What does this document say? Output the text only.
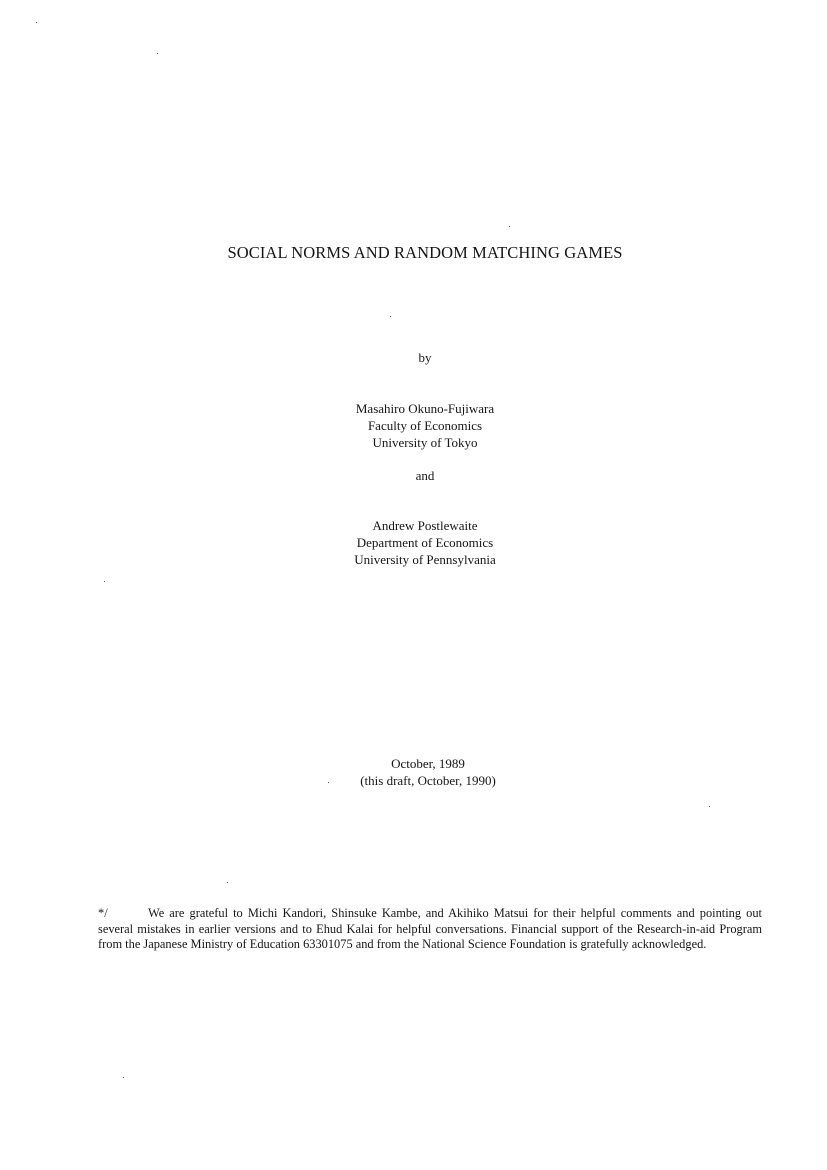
SOCIAL NORMS AND RANDOM MATCHING GAMES
by
Masahiro Okuno-Fujiwara
Faculty of Economics
University of Tokyo
and
Andrew Postlewaite
Department of Economics
University of Pennsylvania
October, 1989
(this draft, October, 1990)
*/	We are grateful to Michi Kandori, Shinsuke Kambe, and Akihiko Matsui for their helpful comments and pointing out several mistakes in earlier versions and to Ehud Kalai for helpful conversations. Financial support of the Research-in-aid Program from the Japanese Ministry of Education 63301075 and from the National Science Foundation is gratefully acknowledged.
